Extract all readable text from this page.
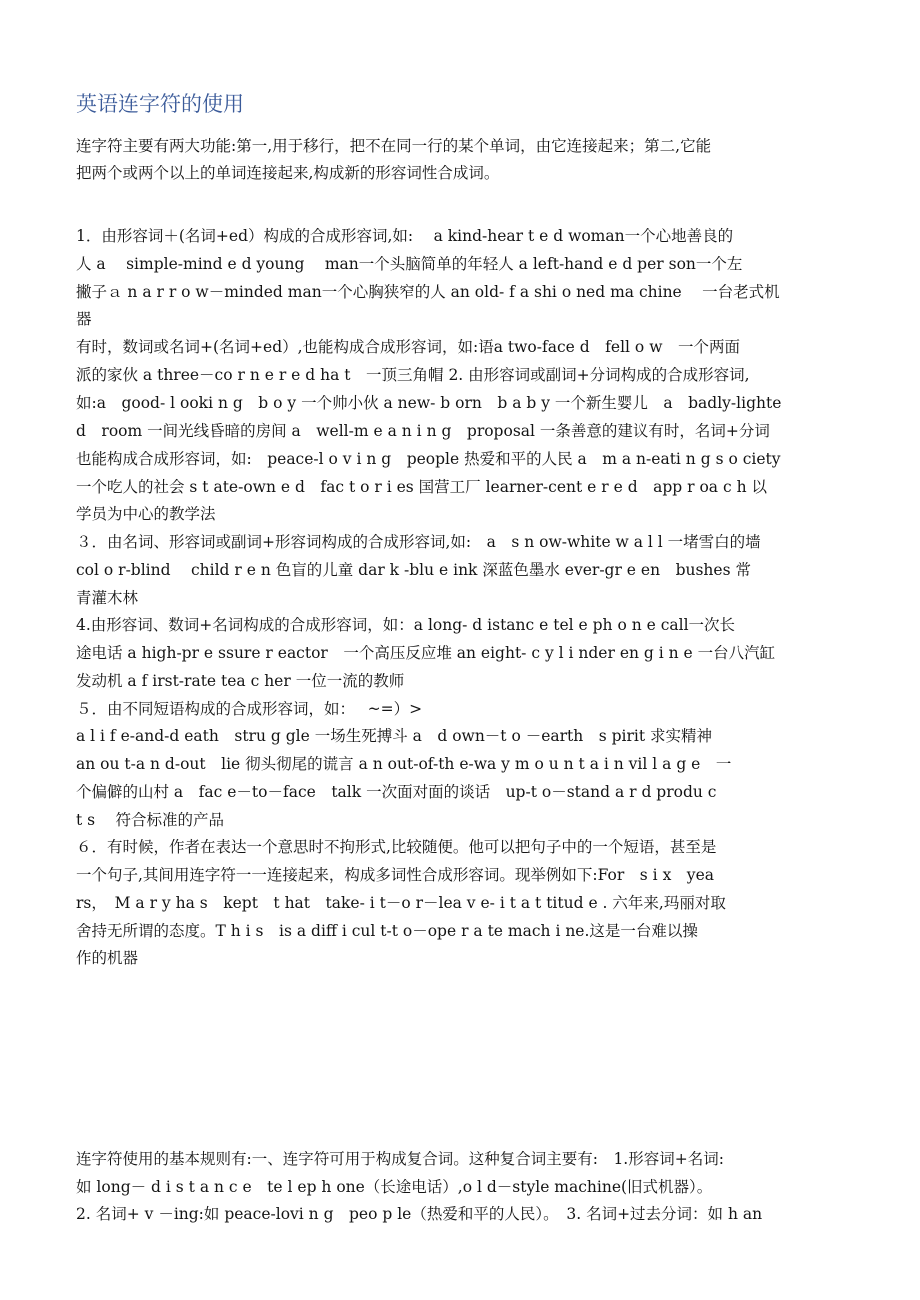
英语连字符的使用
连字符主要有两大功能:第一,用于移行，把不在同一行的某个单词，由它连接起来；第二,它能
把两个或两个以上的单词连接起来,构成新的形容词性合成词。
1．由形容词＋(名词+ed）构成的合成形容词,如:　 a kind-hear t e d woman一个心地善良的
人 a　 simple-mind e d young　 man一个头脑简单的年轻人 a left-hand e d per son一个左
撇子ａ n a r r o w－minded man一个心胸狭窄的人 an old- f a shi o ned ma chine　 一台老式机
器
有时，数词或名词+(名词+ed）,也能构成合成形容词，如:语a two-face d　fell o w　一个两面
派的家伙 a three－co r n e r e d ha t　一顶三角帽 2. 由形容词或副词+分词构成的合成形容词,
如:a　good- l ooki n g　b o y 一个帅小伙 a new- b orn　b a b y 一个新生婴儿　a　badly-lighte
d　room 一间光线昏暗的房间 a　well-m e a n i n g　proposal 一条善意的建议有时，名词+分词
也能构成合成形容词，如:　peace-l o v i n g　people 热爱和平的人民 a　m a n-eati n g s o ciety
一个吃人的社会 s t ate-own e d　fac t o r i es 国营工厂 learner-cent e r e d　app r oa c h 以
学员为中心的教学法
３．由名词、形容词或副词+形容词构成的合成形容词,如:　a　s n ow-white w a l l 一堵雪白的墙
col o r-blind　 child r e n 色盲的儿童 dar k -blu e ink 深蓝色墨水 ever-gr e en　bushes 常
青灌木林
4.由形容词、数词+名词构成的合成形容词，如：a long- d istanc e tel e ph o n e call一次长
途电话 a high-pr e ssure r eactor　一个高压反应堆 an eight- c y l i nder en g i n e 一台八汽缸
发动机 a f irst-rate tea c her 一位一流的教师
５．由不同短语构成的合成形容词，如：　 ~=）>
a l i f e-and-d eath　stru g gle 一场生死搏斗 a　d own－t o －earth　s pirit 求实精神
an ou t-a n d-out　lie 彻头彻尾的谎言 a n out-of-th e-wa y m o u n t a i n vil l a g e　一
个偏僻的山村 a　fac e－to－face　talk 一次面对面的谈话　up-t o－stand a r d produ c
t s　 符合标准的产品
６．有时候，作者在表达一个意思时不拘形式,比较随便。他可以把句子中的一个短语，甚至是
一个句子,其间用连字符一一连接起来，构成多词性合成形容词。现举例如下:For　s i x　yea
rs，　M a r y ha s　kept　t hat　take- i t－o r－lea v e- i t a t titud e . 六年来,玛丽对取
舍持无所谓的态度。T h i s　is a diff i cul t-t o－ope r a te mach i ne.这是一台难以操
作的机器
连字符使用的基本规则有:一、连字符可用于构成复合词。这种复合词主要有:　1.形容词+名词:
如 long－ d i s t a n c e　te l ep h one（长途电话）,o l d－style machine(旧式机器）。
2. 名词+ v －ing:如 peace-lovi n g　peo p le（热爱和平的人民）。　3. 名词+过去分词：如 h an
